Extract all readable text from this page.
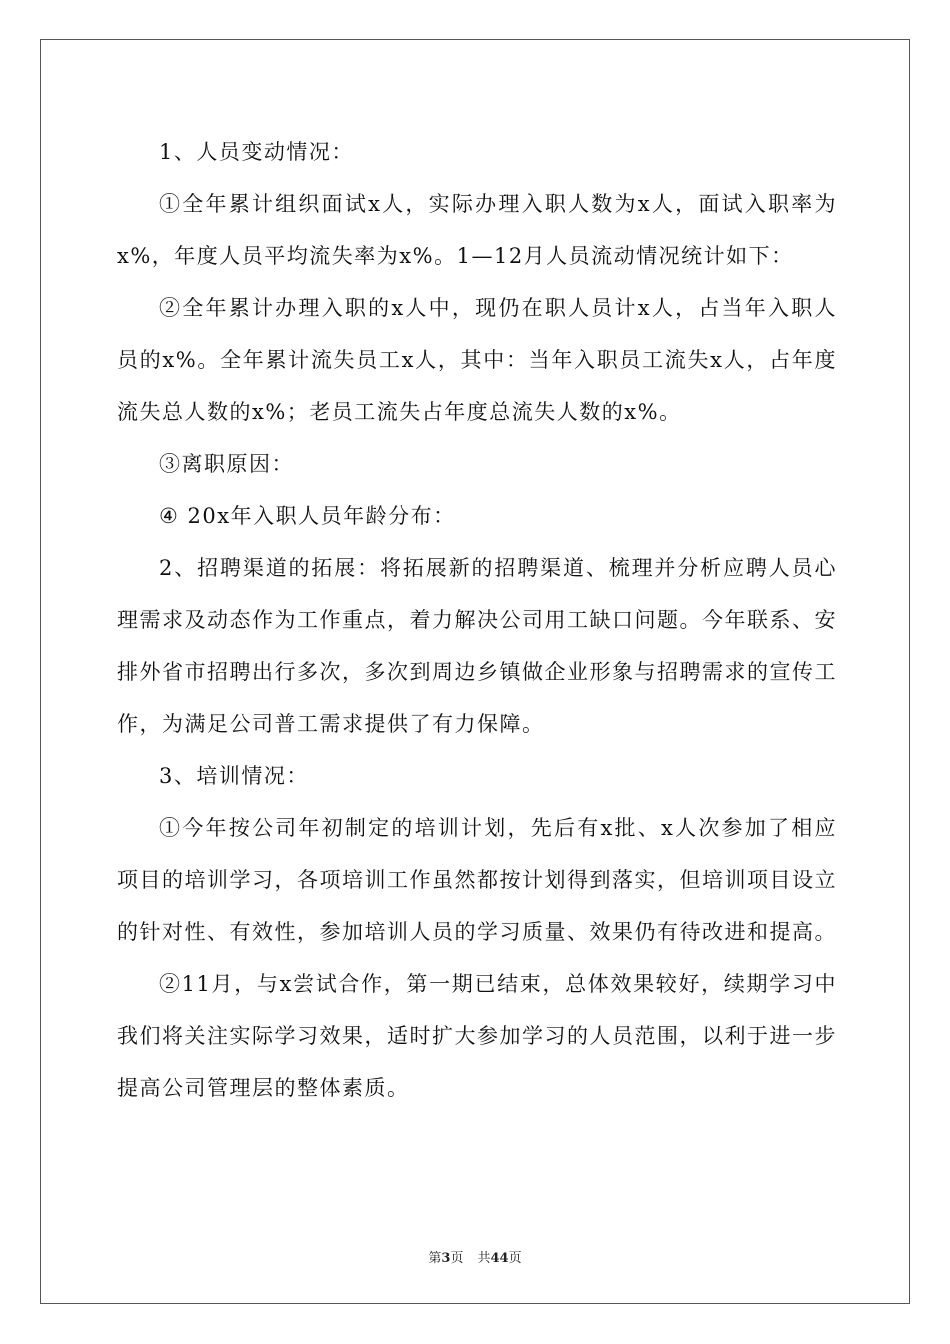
1、人员变动情况：

①全年累计组织面试x人，实际办理入职人数为x人，面试入职率为x%，年度人员平均流失率为x%。1—12月人员流动情况统计如下：

②全年累计办理入职的x人中，现仍在职人员计x人，占当年入职人员的x%。全年累计流失员工x人，其中：当年入职员工流失x人，占年度流失总人数的x%；老员工流失占年度总流失人数的x%。

③离职原因：

④ 20x年入职人员年龄分布：

2、招聘渠道的拓展：将拓展新的招聘渠道、梳理并分析应聘人员心理需求及动态作为工作重点，着力解决公司用工缺口问题。今年联系、安排外省市招聘出行多次，多次到周边乡镇做企业形象与招聘需求的宣传工作，为满足公司普工需求提供了有力保障。

3、培训情况：

①今年按公司年初制定的培训计划，先后有x批、x人次参加了相应项目的培训学习，各项培训工作虽然都按计划得到落实，但培训项目设立的针对性、有效性，参加培训人员的学习质量、效果仍有待改进和提高。

②11月，与x尝试合作，第一期已结束，总体效果较好，续期学习中我们将关注实际学习效果，适时扩大参加学习的人员范围，以利于进一步提高公司管理层的整体素质。

第3页 共44页
